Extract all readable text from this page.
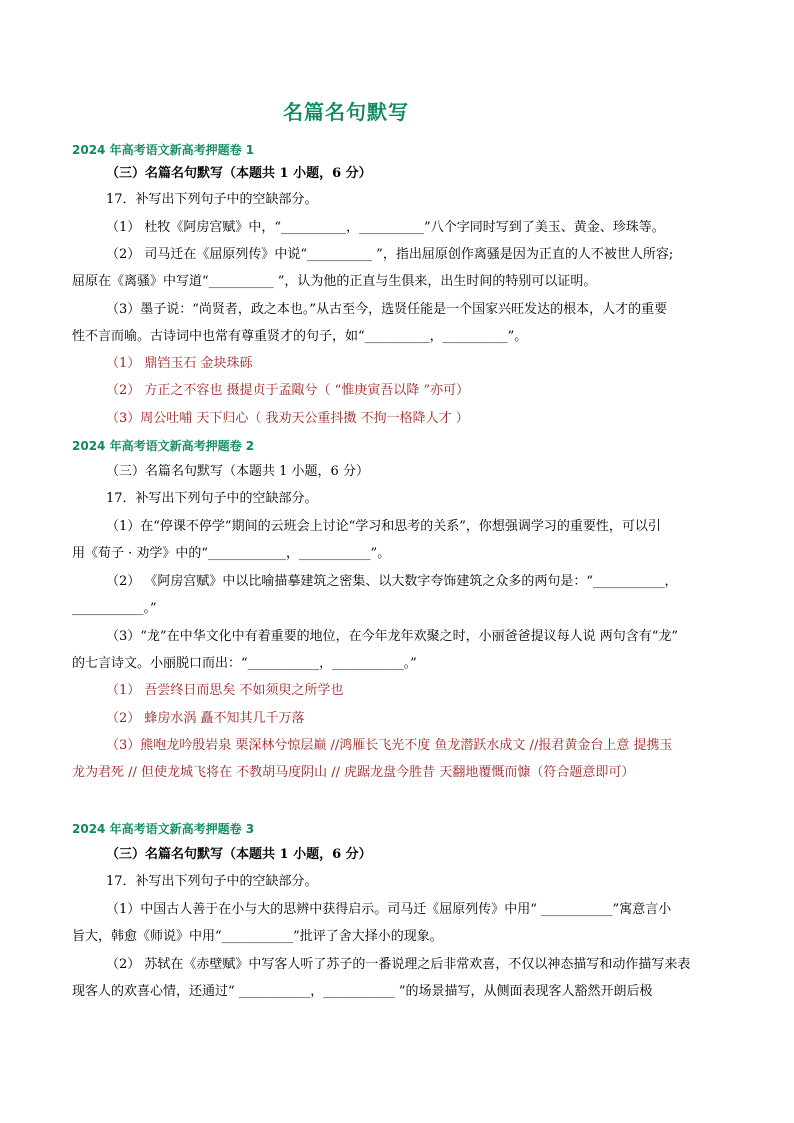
名篇名句默写
2024 年高考语文新高考押题卷 1
（三）名篇名句默写（本题共 1 小题，6 分）
17．补写出下列句子中的空缺部分。
（1） 杜牧《阿房宫赋》中，“__________，__________”八个字同时写到了美玉、黄金、珍珠等。
（2） 司马迁在《屈原列传》中说“__________ ”，指出屈原创作离骚是因为正直的人不被世人所容;
屈原在《离骚》中写道“__________ ”，认为他的正直与生俱来，出生时间的特别可以证明。
（3）墨子说：“尚贤者，政之本也。”从古至今，选贤任能是一个国家兴旺发达的根本，人才的重要
性不言而喻。古诗词中也常有尊重贤才的句子，如“__________，__________”。
（1） 鼎铛玉石 金块珠砾
（2） 方正之不容也 摄提贞于孟陬兮（ “惟庚寅吾以降 ”亦可）
（3）周公吐哺 天下归心（ 我劝天公重抖擞 不拘一格降人才 ）
2024 年高考语文新高考押题卷 2
（三）名篇名句默写（本题共 1 小题，6 分）
17．补写出下列句子中的空缺部分。
（1）在“停课不停学”期间的云班会上讨论“学习和思考的关系”，你想强调学习的重要性，可以引
用《荀子 · 劝学》中的“____________，___________”。
（2） 《阿房宫赋》中以比喻描摹建筑之密集、以大数字夸饰建筑之众多的两句是：“___________，
___________。”
（3）“龙”在中华文化中有着重要的地位，在今年龙年欢聚之时，小丽爸爸提议每人说 两句含有“龙”
的七言诗文。小丽脱口而出：“___________，___________。”
（1） 吾尝终日而思矣 不如须臾之所学也
（2） 蜂房水涡 矗不知其几千万落
（3）熊咆龙吟殷岩泉 栗深林兮惊层巅 //鸿雁长飞光不度 鱼龙潜跃水成文 //报君黄金台上意 提携玉
龙为君死 // 但使龙城飞将在 不教胡马度阴山 // 虎踞龙盘今胜昔 天翻地覆慨而慷（符合题意即可）
2024 年高考语文新高考押题卷 3
（三）名篇名句默写（本题共 1 小题，6 分）
17．补写出下列句子中的空缺部分。
（1）中国古人善于在小与大的思辨中获得启示。司马迁《屈原列传》中用“ ___________”寓意言小
旨大，韩愈《师说》中用“___________”批评了舍大择小的现象。
（2） 苏轼在《赤壁赋》中写客人听了苏子的一番说理之后非常欢喜，不仅以神态描写和动作描写来表
现客人的欢喜心情，还通过“ ___________，___________ ”的场景描写，从侧面表现客人豁然开朗后极
